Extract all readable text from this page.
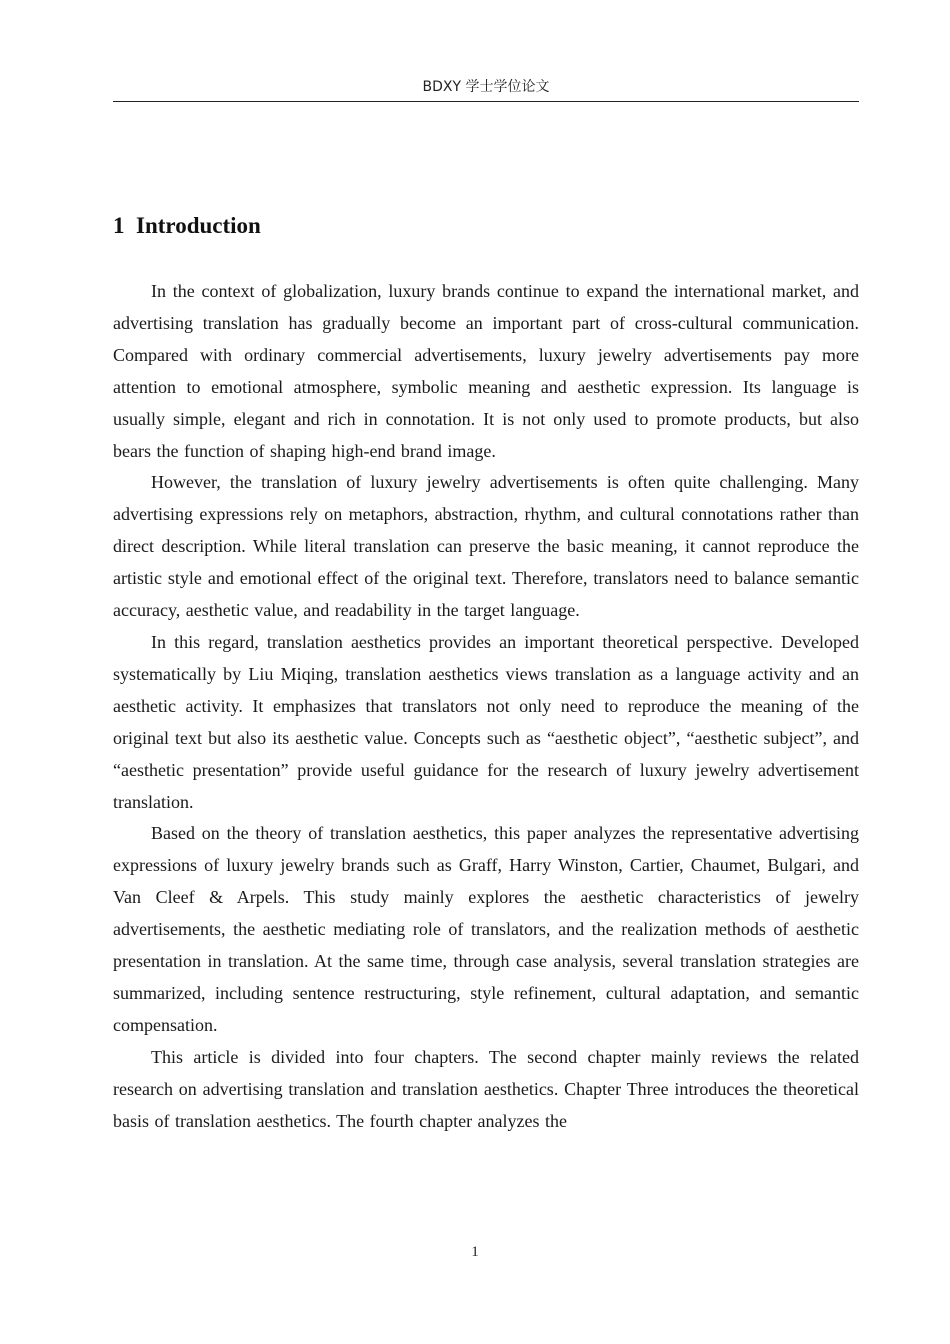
BDXY 学士学位论文
1 Introduction

In the context of globalization, luxury brands continue to expand the international market, and advertising translation has gradually become an important part of cross-cultural communication. Compared with ordinary commercial advertisements, luxury jewelry advertisements pay more attention to emotional atmosphere, symbolic meaning and aesthetic expression. Its language is usually simple, elegant and rich in connotation. It is not only used to promote products, but also bears the function of shaping high-end brand image.

However, the translation of luxury jewelry advertisements is often quite challenging. Many advertising expressions rely on metaphors, abstraction, rhythm, and cultural connotations rather than direct description. While literal translation can preserve the basic meaning, it cannot reproduce the artistic style and emotional effect of the original text. Therefore, translators need to balance semantic accuracy, aesthetic value, and readability in the target language.

In this regard, translation aesthetics provides an important theoretical perspective. Developed systematically by Liu Miqing, translation aesthetics views translation as a language activity and an aesthetic activity. It emphasizes that translators not only need to reproduce the meaning of the original text but also its aesthetic value. Concepts such as “aesthetic object”, “aesthetic subject”, and “aesthetic presentation” provide useful guidance for the research of luxury jewelry advertisement translation.

Based on the theory of translation aesthetics, this paper analyzes the representative advertising expressions of luxury jewelry brands such as Graff, Harry Winston, Cartier, Chaumet, Bulgari, and Van Cleef & Arpels. This study mainly explores the aesthetic characteristics of jewelry advertisements, the aesthetic mediating role of translators, and the realization methods of aesthetic presentation in translation. At the same time, through case analysis, several translation strategies are summarized, including sentence restructuring, style refinement, cultural adaptation, and semantic compensation.

This article is divided into four chapters. The second chapter mainly reviews the related research on advertising translation and translation aesthetics. Chapter Three introduces the theoretical basis of translation aesthetics. The fourth chapter analyzes the

1
